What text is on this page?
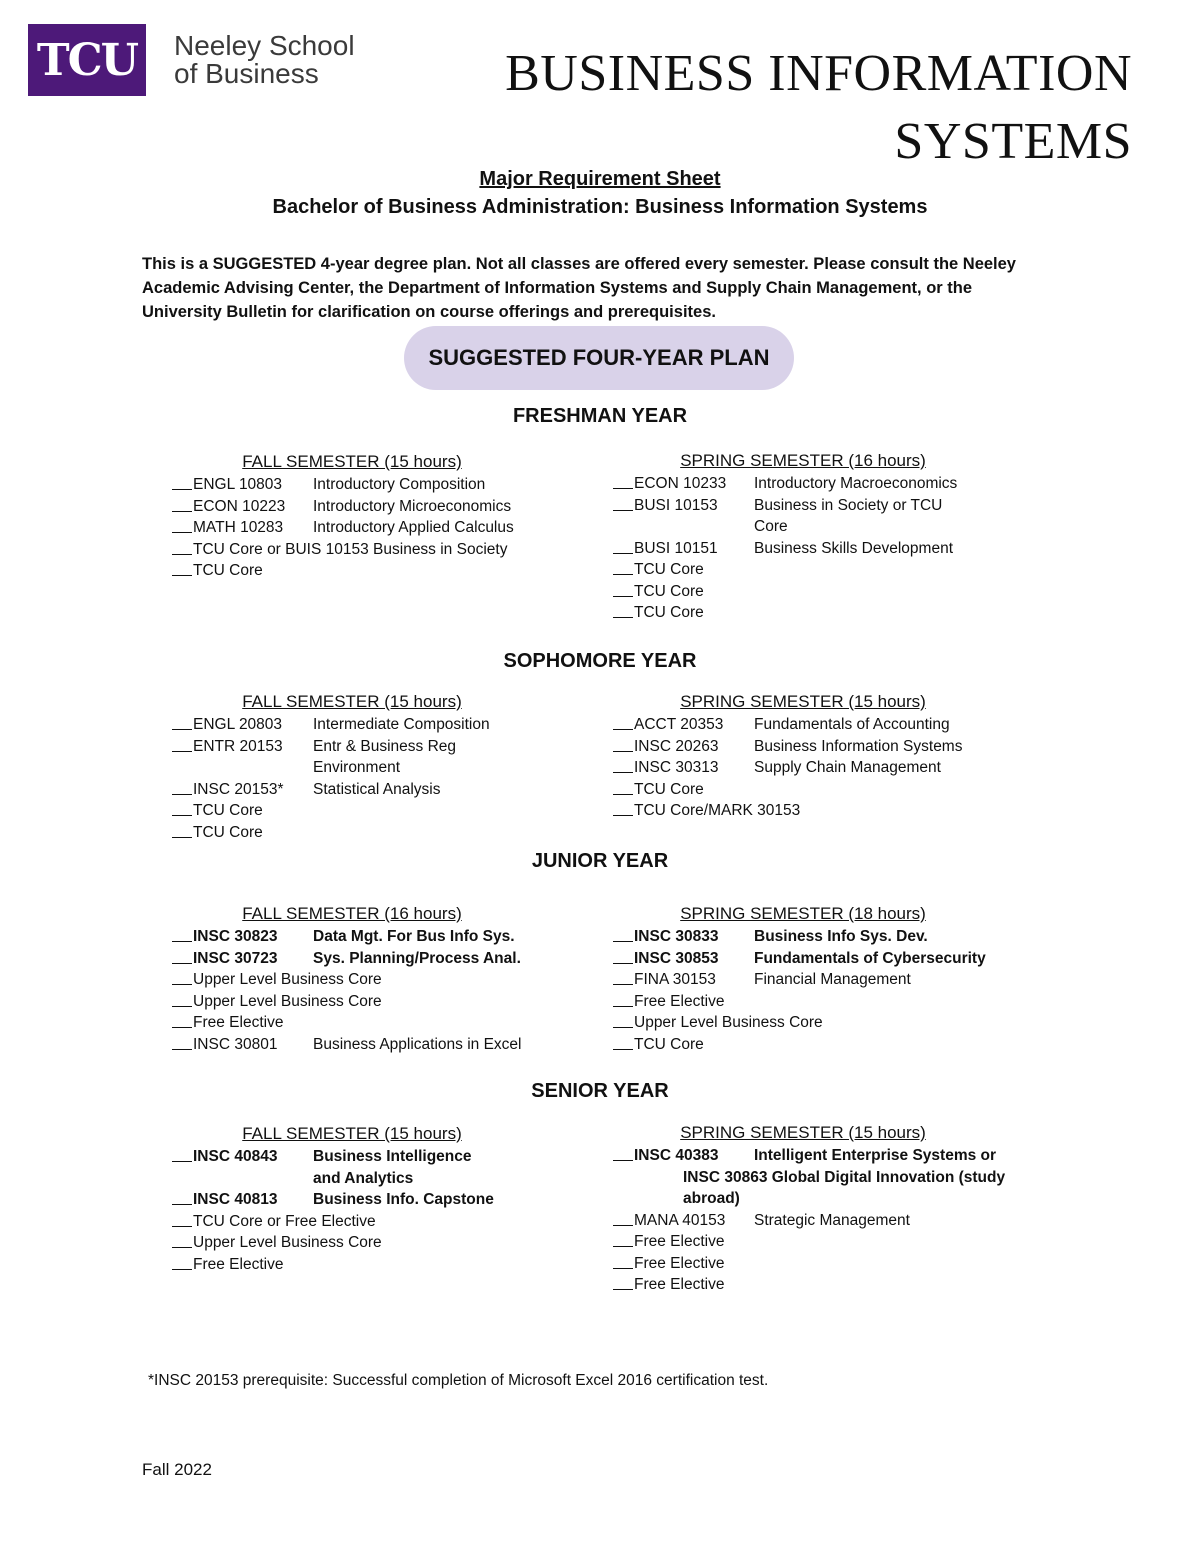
TCU Neeley School
of Business	BUSINESS INFORMATION
SYSTEMS
Major Requirement Sheet
Bachelor of Business Administration: Business Information Systems
This is a SUGGESTED 4-year degree plan. Not all classes are offered every semester. Please consult the Neeley Academic Advising Center, the Department of Information Systems and Supply Chain Management, or the University Bulletin for clarification on course offerings and prerequisites.
SUGGESTED FOUR-YEAR PLAN
FRESHMAN YEAR
SOPHOMORE YEAR
JUNIOR YEAR
SENIOR YEAR
FALL SEMESTER (15 hours)
ENGL 10803	Introductory Composition
ECON 10223	Introductory Microeconomics
MATH 10283	Introductory Applied Calculus
TCU Core or BUIS 10153 Business in Society
TCU Core
SPRING SEMESTER (16 hours)
ECON 10233	Introductory Macroeconomics
BUSI 10153	Business in Society or TCU Core
BUSI 10151	Business Skills Development
TCU Core
TCU Core
TCU Core
FALL SEMESTER (15 hours)
ENGL 20803	Intermediate Composition
ENTR 20153	Entr & Business Reg Environment
INSC 20153*	Statistical Analysis
TCU Core
TCU Core
SPRING SEMESTER (15 hours)
ACCT 20353	Fundamentals of Accounting
INSC 20263	Business Information Systems
INSC 30313	Supply Chain Management
TCU Core
TCU Core/MARK 30153
FALL SEMESTER (16 hours)
INSC 30823	Data Mgt. For Bus Info Sys.
INSC 30723	Sys. Planning/Process Anal.
Upper Level Business Core
Upper Level Business Core
Free Elective
INSC 30801	Business Applications in Excel
SPRING SEMESTER (18 hours)
INSC 30833	Business Info Sys. Dev.
INSC 30853	Fundamentals of Cybersecurity
FINA 30153	Financial Management
Free Elective
Upper Level Business Core
TCU Core
FALL SEMESTER (15 hours)
INSC 40843	Business Intelligence and Analytics
INSC 40813	Business Info. Capstone
TCU Core or Free Elective
Upper Level Business Core
Free Elective
SPRING SEMESTER (15 hours)
INSC 40383	Intelligent Enterprise Systems or
INSC 30863 Global Digital Innovation (study abroad)
MANA 40153	Strategic Management
Free Elective
Free Elective
Free Elective
*INSC 20153 prerequisite: Successful completion of Microsoft Excel 2016 certification test.
Fall 2022
